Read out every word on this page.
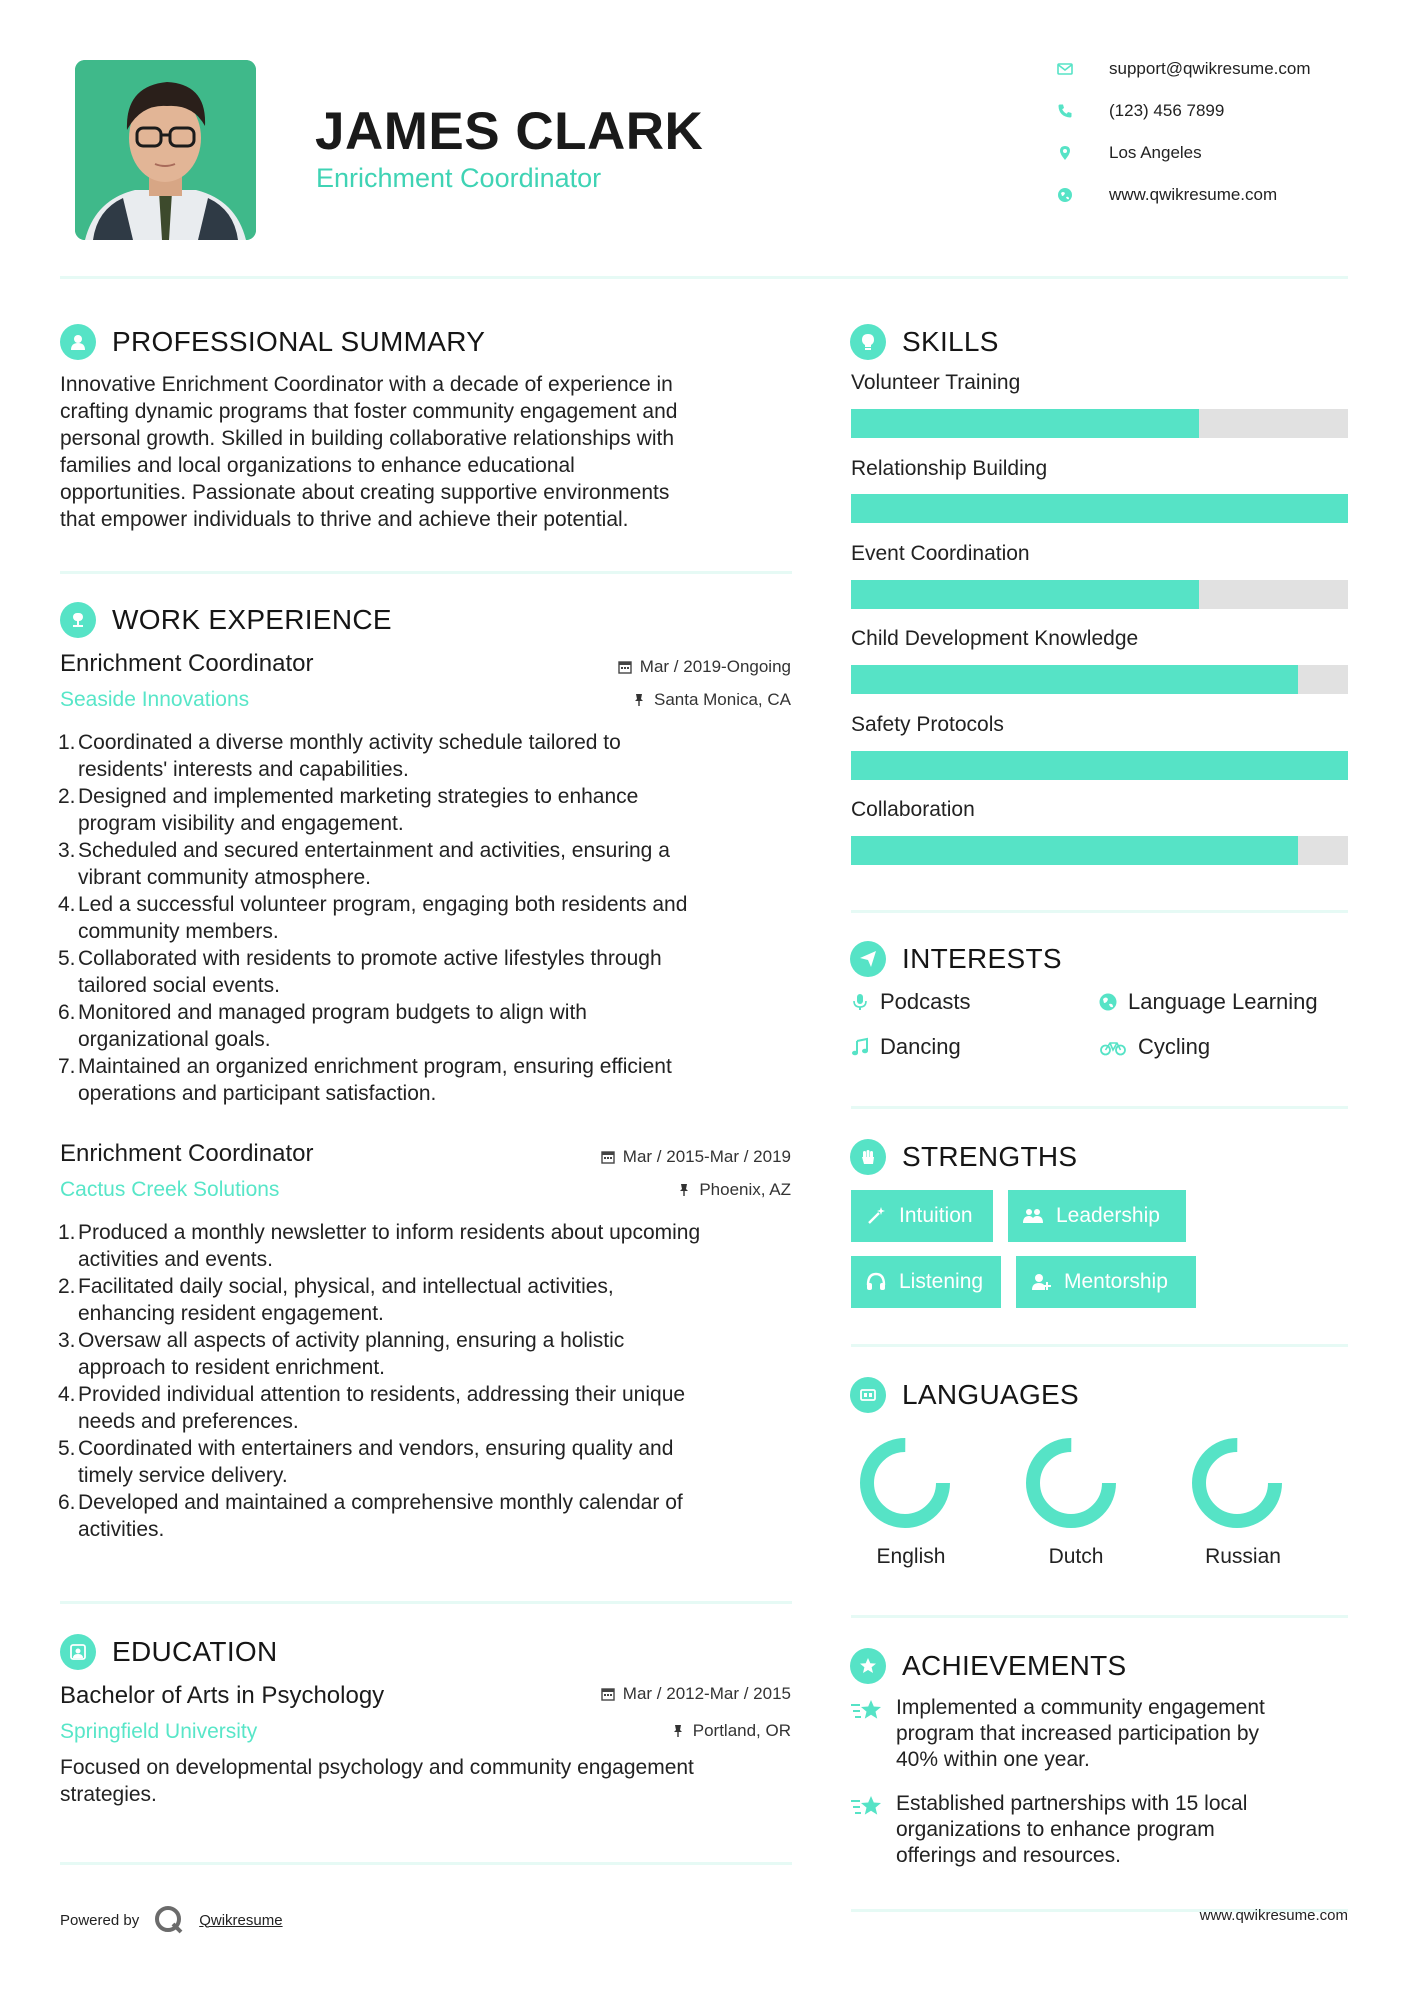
JAMES CLARK
Enrichment Coordinator
support@qwikresume.com
(123) 456 7899
Los Angeles
www.qwikresume.com
PROFESSIONAL SUMMARY
Innovative Enrichment Coordinator with a decade of experience in
crafting dynamic programs that foster community engagement and
personal growth. Skilled in building collaborative relationships with
families and local organizations to enhance educational
opportunities. Passionate about creating supportive environments
that empower individuals to thrive and achieve their potential.
WORK EXPERIENCE
Enrichment Coordinator	Mar / 2019-Ongoing
Seaside Innovations	Santa Monica, CA
1. Coordinated a diverse monthly activity schedule tailored to
residents' interests and capabilities.
2. Designed and implemented marketing strategies to enhance
program visibility and engagement.
3. Scheduled and secured entertainment and activities, ensuring a
vibrant community atmosphere.
4. Led a successful volunteer program, engaging both residents and
community members.
5. Collaborated with residents to promote active lifestyles through
tailored social events.
6. Monitored and managed program budgets to align with
organizational goals.
7. Maintained an organized enrichment program, ensuring efficient
operations and participant satisfaction.
Enrichment Coordinator	Mar / 2015-Mar / 2019
Cactus Creek Solutions	Phoenix, AZ
1. Produced a monthly newsletter to inform residents about upcoming
activities and events.
2. Facilitated daily social, physical, and intellectual activities,
enhancing resident engagement.
3. Oversaw all aspects of activity planning, ensuring a holistic
approach to resident enrichment.
4. Provided individual attention to residents, addressing their unique
needs and preferences.
5. Coordinated with entertainers and vendors, ensuring quality and
timely service delivery.
6. Developed and maintained a comprehensive monthly calendar of
activities.
EDUCATION
Bachelor of Arts in Psychology	Mar / 2012-Mar / 2015
Springfield University	Portland, OR
Focused on developmental psychology and community engagement
strategies.
SKILLS
Volunteer Training
Relationship Building
Event Coordination
Child Development Knowledge
Safety Protocols
Collaboration
INTERESTS
Podcasts	Language Learning
Dancing	Cycling
STRENGTHS
Intuition	Leadership
Listening	Mentorship
LANGUAGES
English	Dutch	Russian
ACHIEVEMENTS
Implemented a community engagement
program that increased participation by
40% within one year.
Established partnerships with 15 local
organizations to enhance program
offerings and resources.
Powered by	Qwikresume	www.qwikresume.com
